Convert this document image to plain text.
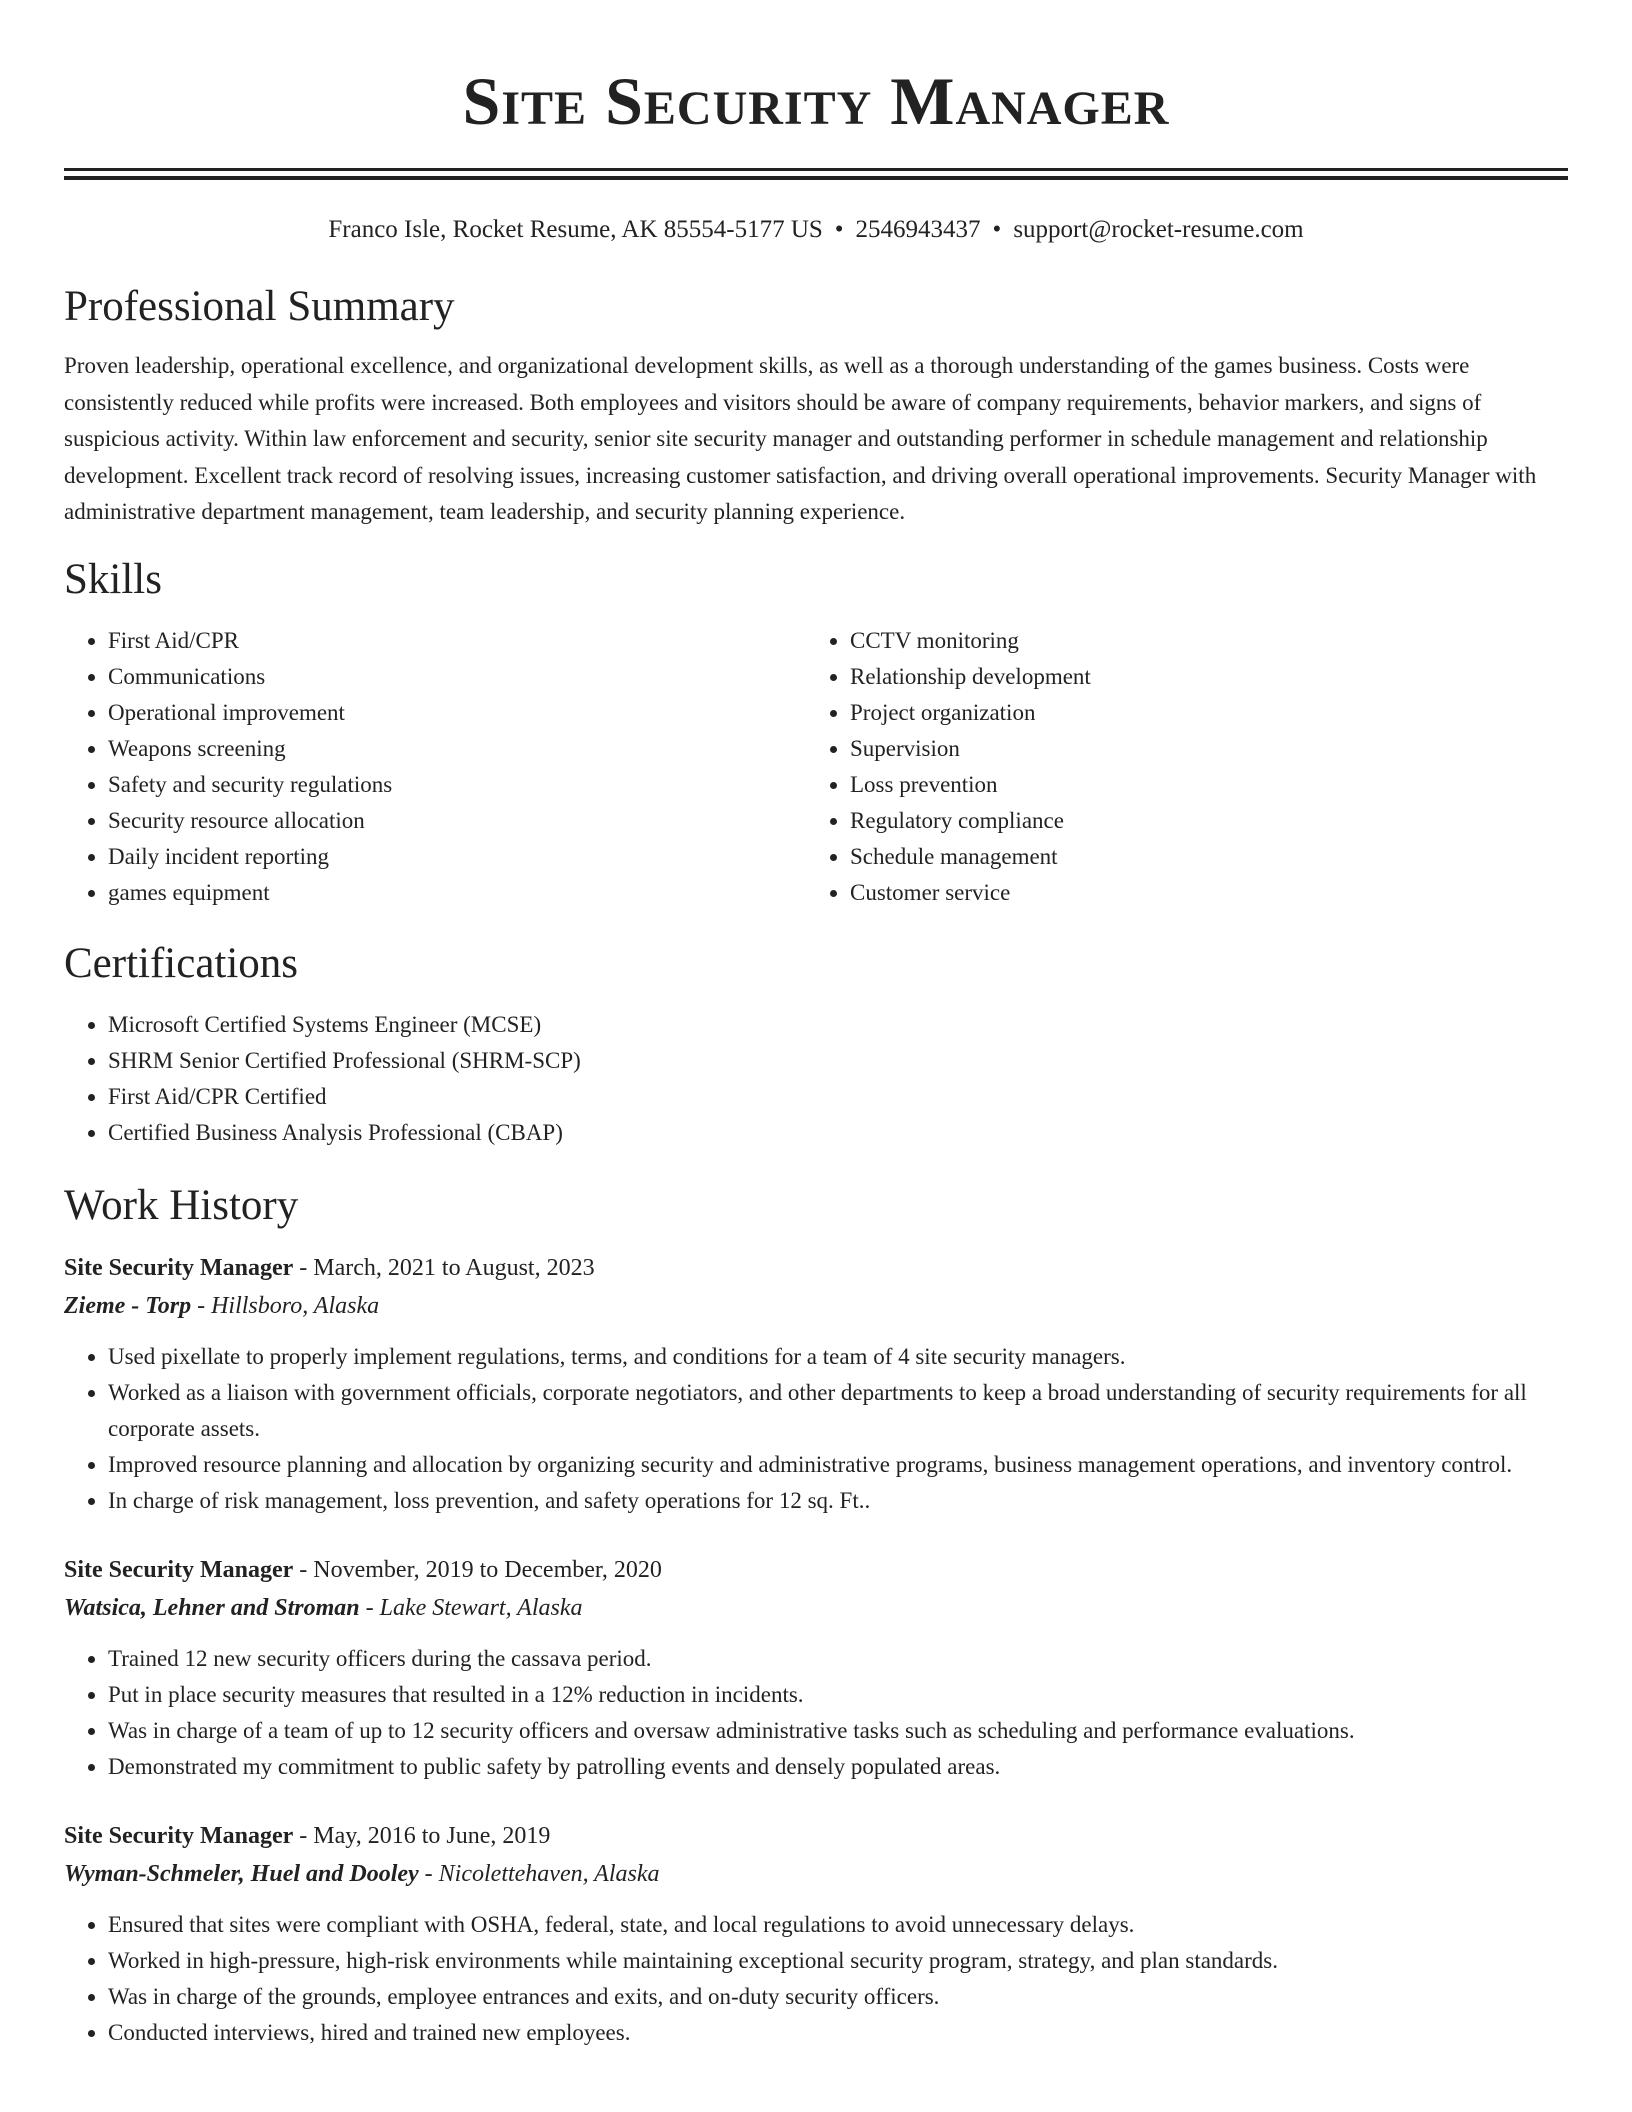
Site Security Manager
Franco Isle, Rocket Resume, AK 85554-5177 US • 2546943437 • support@rocket-resume.com
Professional Summary

Proven leadership, operational excellence, and organizational development skills, as well as a thorough understanding of the games business. Costs were consistently reduced while profits were increased. Both employees and visitors should be aware of company requirements, behavior markers, and signs of suspicious activity. Within law enforcement and security, senior site security manager and outstanding performer in schedule management and relationship development. Excellent track record of resolving issues, increasing customer satisfaction, and driving overall operational improvements. Security Manager with administrative department management, team leadership, and security planning experience.

Skills
• First Aid/CPR
• Communications
• Operational improvement
• Weapons screening
• Safety and security regulations
• Security resource allocation
• Daily incident reporting
• games equipment
• CCTV monitoring
• Relationship development
• Project organization
• Supervision
• Loss prevention
• Regulatory compliance
• Schedule management
• Customer service
Certifications
• Microsoft Certified Systems Engineer (MCSE)
• SHRM Senior Certified Professional (SHRM-SCP)
• First Aid/CPR Certified
• Certified Business Analysis Professional (CBAP)
Work History
Site Security Manager - March, 2021 to August, 2023
Zieme - Torp - Hillsboro, Alaska
• Used pixellate to properly implement regulations, terms, and conditions for a team of 4 site security managers.
• Worked as a liaison with government officials, corporate negotiators, and other departments to keep a broad understanding of security requirements for all corporate assets.
• Improved resource planning and allocation by organizing security and administrative programs, business management operations, and inventory control.
• In charge of risk management, loss prevention, and safety operations for 12 sq. Ft..
Site Security Manager - November, 2019 to December, 2020
Watsica, Lehner and Stroman - Lake Stewart, Alaska
• Trained 12 new security officers during the cassava period.
• Put in place security measures that resulted in a 12% reduction in incidents.
• Was in charge of a team of up to 12 security officers and oversaw administrative tasks such as scheduling and performance evaluations.
• Demonstrated my commitment to public safety by patrolling events and densely populated areas.
Site Security Manager - May, 2016 to June, 2019
Wyman-Schmeler, Huel and Dooley - Nicolettehaven, Alaska
• Ensured that sites were compliant with OSHA, federal, state, and local regulations to avoid unnecessary delays.
• Worked in high-pressure, high-risk environments while maintaining exceptional security program, strategy, and plan standards.
• Was in charge of the grounds, employee entrances and exits, and on-duty security officers.
• Conducted interviews, hired and trained new employees.
